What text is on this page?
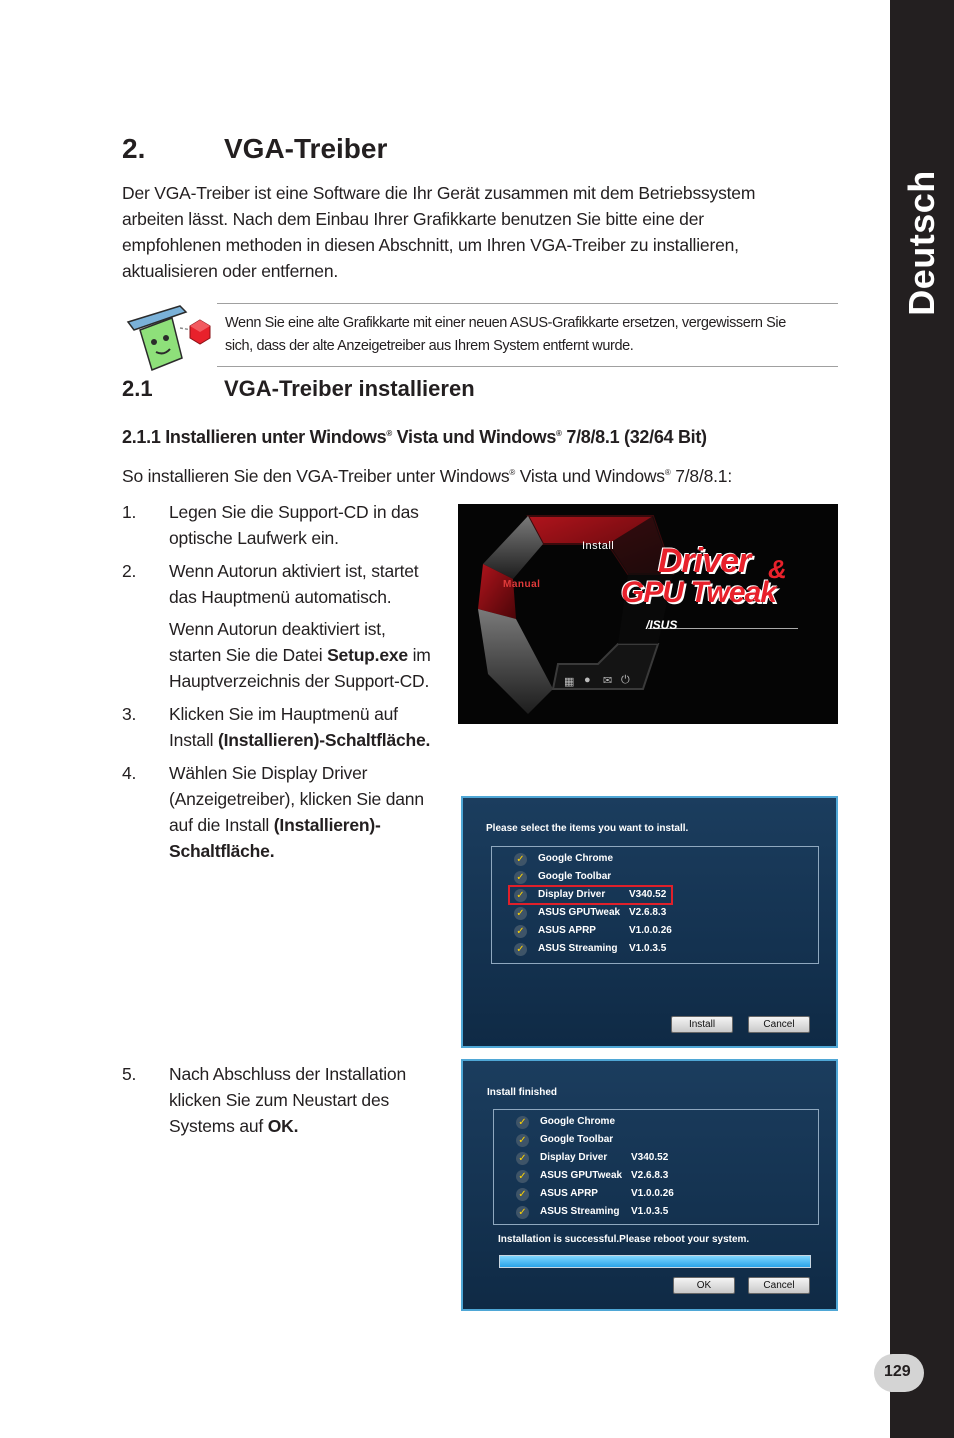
Deutsch
2.	VGA-Treiber
Der VGA-Treiber ist eine Software die Ihr Gerät zusammen mit dem Betriebssystem
arbeiten lässt. Nach dem Einbau Ihrer Grafikkarte benutzen Sie bitte eine der
empfohlenen methoden in diesen Abschnitt, um Ihren VGA-Treiber zu installieren,
aktualisieren oder entfernen.
Wenn Sie eine alte Grafikkarte mit einer neuen ASUS-Grafikkarte ersetzen, vergewissern Sie
sich, dass der alte Anzeigetreiber aus Ihrem System entfernt wurde.
2.1	VGA-Treiber installieren
2.1.1 Installieren unter Windows® Vista und Windows® 7/8/8.1 (32/64 Bit)
So installieren Sie den VGA-Treiber unter Windows® Vista und Windows® 7/8/8.1:
1.	Legen Sie die Support-CD in das
optische Laufwerk ein.
2.	Wenn Autorun aktiviert ist, startet
das Hauptmenü automatisch.
Wenn Autorun deaktiviert ist,
starten Sie die Datei Setup.exe im
Hauptverzeichnis der Support-CD.
3.	Klicken Sie im Hauptmenü auf
Install (Installieren)-Schaltfläche.
4.	Wählen Sie Display Driver
(Anzeigetreiber), klicken Sie dann
auf die Install (Installieren)-
Schaltfläche.
5.	Nach Abschluss der Installation
klicken Sie zum Neustart des
Systems auf OK.
Install
Manual
Driver &
GPU Tweak
/ISUS
▦ ● ✉ ⏻
Please select the items you want to install.
✓ Google Chrome
✓ Google Toolbar
✓ Display Driver V340.52
✓ ASUS GPUTweak V2.6.8.3
✓ ASUS APRP	V1.0.0.26
✓ ASUS Streaming V1.0.3.5
Install	Cancel
Install finished
✓ Google Chrome
✓ Google Toolbar
✓ Display Driver V340.52
✓ ASUS GPUTweak V2.6.8.3
✓ ASUS APRP	V1.0.0.26
✓ ASUS Streaming V1.0.3.5
Installation is successful.Please reboot your system.
OK	Cancel
129
